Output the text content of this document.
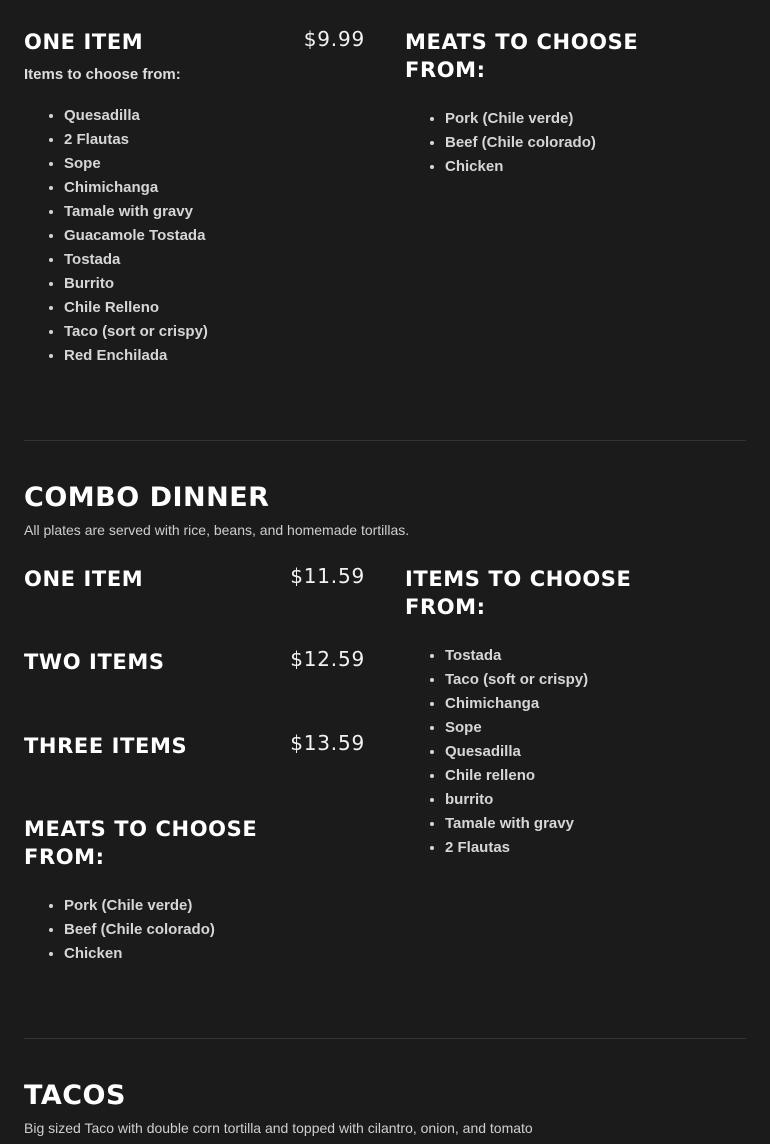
ONE ITEM	$9.99
Items to choose from:
• Quesadilla
• 2 Flautas
• Sope
• Chimichanga
• Tamale with gravy
• Guacamole Tostada
• Tostada
• Burrito
• Chile Relleno
• Taco (sort or crispy)
• Red Enchilada
MEATS TO CHOOSE FROM:
• Pork (Chile verde)
• Beef (Chile colorado)
• Chicken
COMBO DINNER
All plates are served with rice, beans, and homemade tortillas.
ONE ITEM	$11.59
TWO ITEMS	$12.59
THREE ITEMS	$13.59
MEATS TO CHOOSE FROM:
• Pork (Chile verde)
• Beef (Chile colorado)
• Chicken
ITEMS TO CHOOSE FROM:
• Tostada
• Taco (soft or crispy)
• Chimichanga
• Sope
• Quesadilla
• Chile relleno
• burrito
• Tamale with gravy
• 2 Flautas
TACOS
Big sized Taco with double corn tortilla and topped with cilantro, onion, and tomato
